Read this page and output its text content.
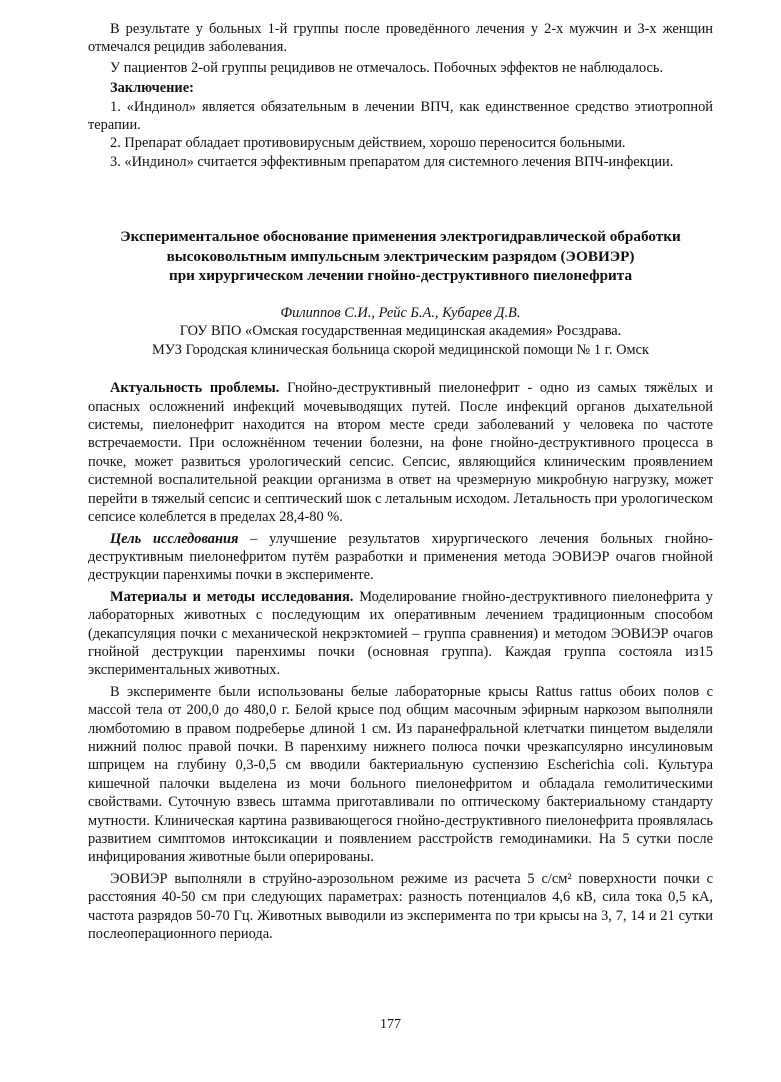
В результате у больных 1-й группы после проведённого лечения у 2-х мужчин и 3-х женщин отмечался рецидив заболевания.

У пациентов 2-ой группы рецидивов не отмечалось. Побочных эффектов не наблюдалось.

Заключение:
1. «Индинол» является обязательным в лечении ВПЧ, как единственное средство этиотропной терапии.
2. Препарат обладает противовирусным действием, хорошо переносится больными.
3. «Индинол» считается эффективным препаратом для системного лечения ВПЧ-инфекции.
Экспериментальное обоснование применения электрогидравлической обработки
высоковольтным импульсным электрическим разрядом (ЭОВИЭР)
при хирургическом лечении гнойно-деструктивного пиелонефрита
Филиппов С.И., Рейс Б.А., Кубарев Д.В.
ГОУ ВПО «Омская государственная медицинская академия» Росздрава.
МУЗ Городская клиническая больница скорой медицинской помощи № 1 г. Омск

Актуальность проблемы. Гнойно-деструктивный пиелонефрит - одно из самых тяжёлых и опасных осложнений инфекций мочевыводящих путей. После инфекций органов дыхательной системы, пиелонефрит находится на втором месте среди заболеваний у человека по частоте встречаемости. При осложнённом течении болезни, на фоне гнойно-деструктивного процесса в почке, может развиться урологический сепсис. Сепсис, являющийся клиническим проявлением системной воспалительной реакции организма в ответ на чрезмерную микробную нагрузку, может перейти в тяжелый сепсис и септический шок с летальным исходом. Летальность при урологическом сепсисе колеблется в пределах 28,4-80 %.

Цель исследования – улучшение результатов хирургического лечения больных гнойно-деструктивным пиелонефритом путём разработки и применения метода ЭОВИЭР очагов гнойной деструкции паренхимы почки в эксперименте.

Материалы и методы исследования. Моделирование гнойно-деструктивного пиелонефрита у лабораторных животных с последующим их оперативным лечением традиционным способом (декапсуляция почки с механической некрэктомией – группа сравнения) и методом ЭОВИЭР очагов гнойной деструкции паренхимы почки (основная группа). Каждая группа состояла из15 экспериментальных животных.

В эксперименте были использованы белые лабораторные крысы Rattus rattus обоих полов с массой тела от 200,0 до 480,0 г. Белой крысе под общим масочным эфирным наркозом выполняли люмботомию в правом подреберье длиной 1 см. Из паранефральной клетчатки пинцетом выделяли нижний полюс правой почки. В паренхиму нижнего полюса почки чрезкапсулярно инсулиновым шприцем на глубину 0,3-0,5 см вводили бактериальную суспензию Escherichia coli. Культура кишечной палочки выделена из мочи больного пиелонефритом и обладала гемолитическими свойствами. Суточную взвесь штамма приготавливали по оптическому бактериальному стандарту мутности. Клиническая картина развивающегося гнойно-деструктивного пиелонефрита проявлялась развитием симптомов интоксикации и появлением расстройств гемодинамики. На 5 сутки после инфицирования животные были оперированы.

ЭОВИЭР выполняли в струйно-аэрозольном режиме из расчета 5 с/см² поверхности почки с расстояния 40-50 см при следующих параметрах: разность потенциалов 4,6 кВ, сила тока 0,5 кА, частота разрядов 50-70 Гц. Животных выводили из эксперимента по три крысы на 3, 7, 14 и 21 сутки послеоперационного периода.

177
